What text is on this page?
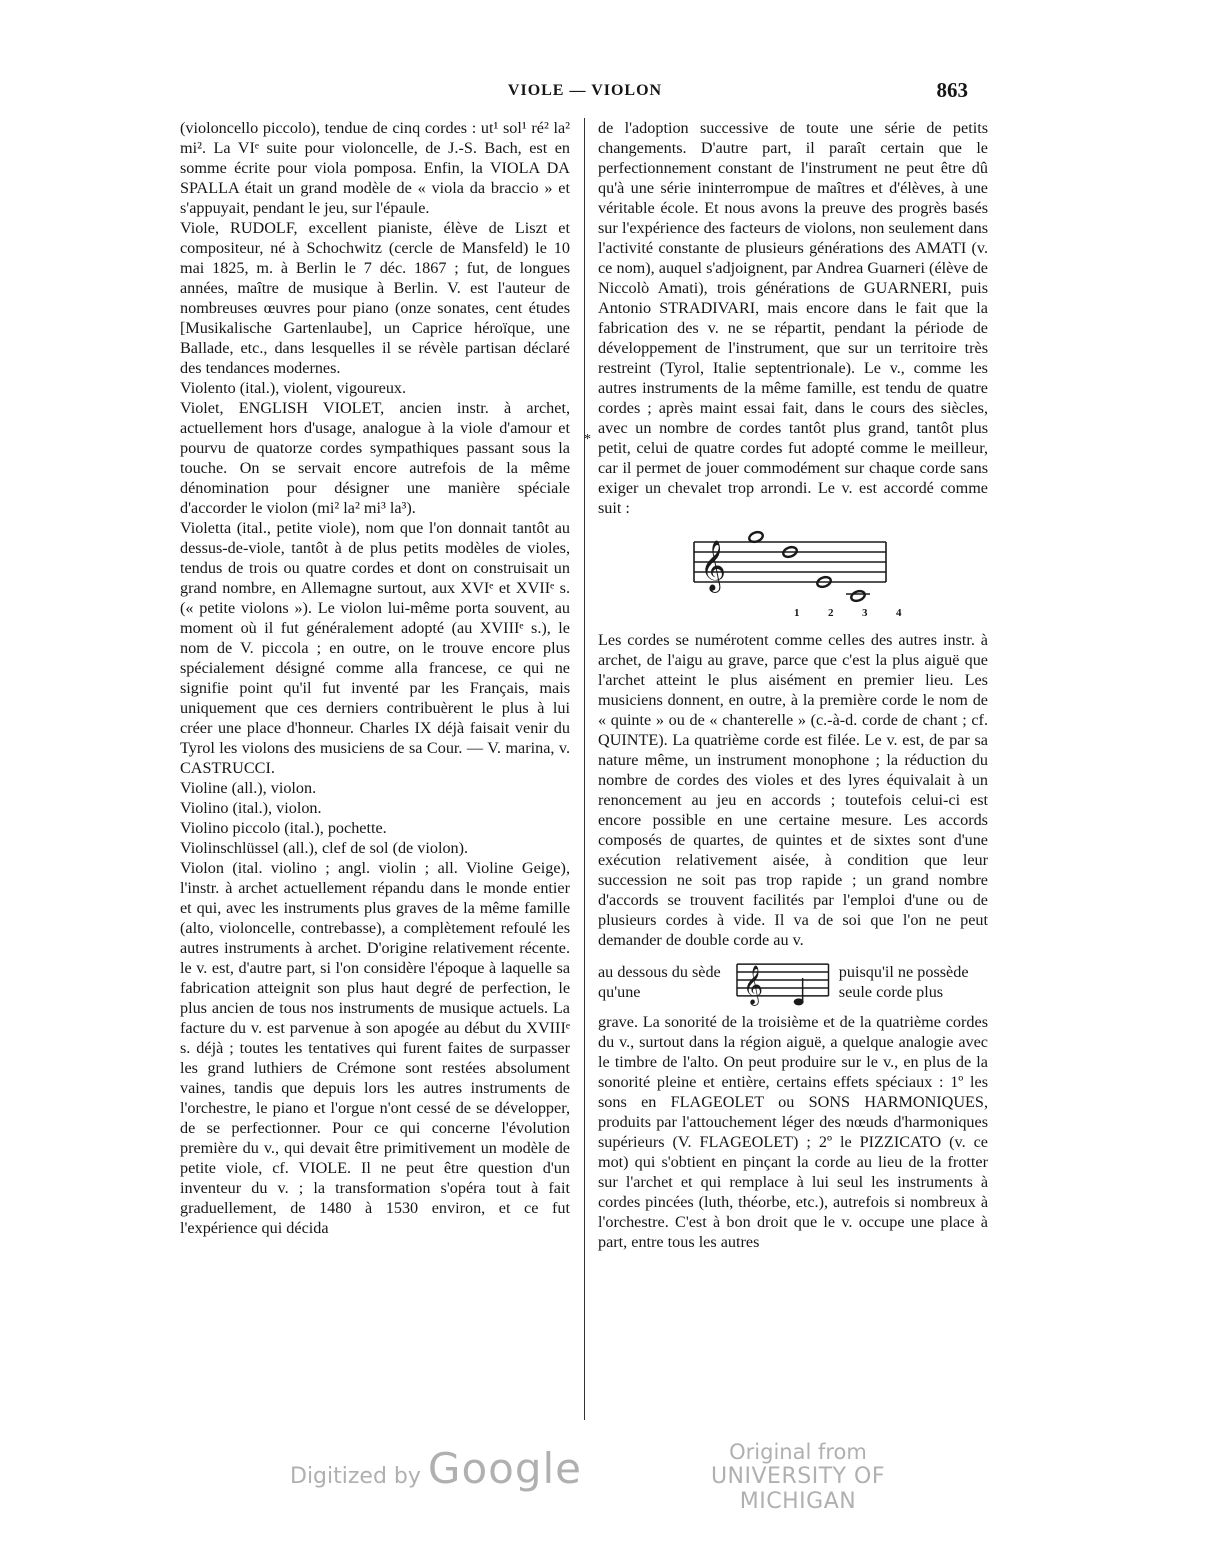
VIOLE — VIOLON	863

(violoncello piccolo), tendue de cinq cordes : ut¹ sol¹ ré² la² mi². La VIᵉ suite pour violoncelle, de J.-S. Bach, est en somme écrite pour viola pomposa. Enfin, la VIOLA DA SPALLA était un grand modèle de « viola da braccio » et s'appuyait, pendant le jeu, sur l'épaule.

Viole, RUDOLF, excellent pianiste, élève de Liszt et compositeur, né à Schochwitz (cercle de Mansfeld) le 10 mai 1825, m. à Berlin le 7 déc. 1867 ; fut, de longues années, maître de musique à Berlin. V. est l'auteur de nombreuses œuvres pour piano (onze sonates, cent études [Musikalische Gartenlaube], un Caprice héroïque, une Ballade, etc., dans lesquelles il se révèle partisan déclaré des tendances modernes.

Violento (ital.), violent, vigoureux.

Violet, ENGLISH VIOLET, ancien instr. à archet, actuellement hors d'usage, analogue à la viole d'amour et pourvu de quatorze cordes sympathiques passant sous la touche. On se servait encore autrefois de la même dénomination pour désigner une manière spéciale d'accorder le violon (mi² la² mi³ la³).

Violetta (ital., petite viole), nom que l'on donnait tantôt au dessus-de-viole, tantôt à de plus petits modèles de violes, tendus de trois ou quatre cordes et dont on construisait un grand nombre, en Allemagne surtout, aux XVIᵉ et XVIIᵉ s. (« petite violons »). Le violon lui-même porta souvent, au moment où il fut généralement adopté (au XVIIIᵉ s.), le nom de V. piccola ; en outre, on le trouve encore plus spécialement désigné comme alla francese, ce qui ne signifie point qu'il fut inventé par les Français, mais uniquement que ces derniers contribuèrent le plus à lui créer une place d'honneur. Charles IX déjà faisait venir du Tyrol les violons des musiciens de sa Cour. — V. marina, v. CASTRUCCI.

Violine (all.), violon.

Violino (ital.), violon.

Violino piccolo (ital.), pochette.

Violinschlüssel (all.), clef de sol (de violon).

Violon (ital. violino ; angl. violin ; all. Violine Geige), l'instr. à archet actuellement répandu dans le monde entier et qui, avec les instruments plus graves de la même famille (alto, violoncelle, contrebasse), a complètement refoulé les autres instruments à archet. D'origine relativement récente. le v. est, d'autre part, si l'on considère l'époque à laquelle sa fabrication atteignit son plus haut degré de perfection, le plus ancien de tous nos instruments de musique actuels. La facture du v. est parvenue à son apogée au début du XVIIIᵉ s. déjà ; toutes les tentatives qui furent faites de surpasser les grand luthiers de Crémone sont restées absolument vaines, tandis que depuis lors les autres instruments de l'orchestre, le piano et l'orgue n'ont cessé de se développer, de se perfectionner. Pour ce qui concerne l'évolution première du v., qui devait être primitivement un modèle de petite viole, cf. VIOLE. Il ne peut être question d'un inventeur du v. ; la transformation s'opéra tout à fait graduellement, de 1480 à 1530 environ, et ce fut l'expérience qui décida

*

de l'adoption successive de toute une série de petits changements. D'autre part, il paraît certain que le perfectionnement constant de l'instrument ne peut être dû qu'à une série ininterrompue de maîtres et d'élèves, à une véritable école. Et nous avons la preuve des progrès basés sur l'expérience des facteurs de violons, non seulement dans l'activité constante de plusieurs générations des AMATI (v. ce nom), auquel s'adjoignent, par Andrea Guarneri (élève de Niccolò Amati), trois générations de GUARNERI, puis Antonio STRADIVARI, mais encore dans le fait que la fabrication des v. ne se répartit, pendant la période de développement de l'instrument, que sur un territoire très restreint (Tyrol, Italie septentrionale). Le v., comme les autres instruments de la même famille, est tendu de quatre cordes ; après maint essai fait, dans le cours des siècles, avec un nombre de cordes tantôt plus grand, tantôt plus petit, celui de quatre cordes fut adopté comme le meilleur, car il permet de jouer commodément sur chaque corde sans exiger un chevalet trop arrondi. Le v. est accordé comme suit :

𝄞
1	2	3	4

Les cordes se numérotent comme celles des autres instr. à archet, de l'aigu au grave, parce que c'est la plus aiguë que l'archet atteint le plus aisément en premier lieu. Les musiciens donnent, en outre, à la première corde le nom de « quinte » ou de « chanterelle » (c.-à-d. corde de chant ; cf. QUINTE). La quatrième corde est filée. Le v. est, de par sa nature même, un instrument monophone ; la réduction du nombre de cordes des violes et des lyres équivalait à un renoncement au jeu en accords ; toutefois celui-ci est encore possible en une certaine mesure. Les accords composés de quartes, de quintes et de sixtes sont d'une exécution relativement aisée, à condition que leur succession ne soit pas trop rapide ; un grand nombre d'accords se trouvent facilités par l'emploi d'une ou de plusieurs cordes à vide. Il va de soi que l'on ne peut demander de double corde au v.

au dessous du sède qu'une	𝄞	puisqu'il ne possède seule corde plus

grave. La sonorité de la troisième et de la quatrième cordes du v., surtout dans la région aiguë, a quelque analogie avec le timbre de l'alto. On peut produire sur le v., en plus de la sonorité pleine et entière, certains effets spéciaux : 1º les sons en FLAGEOLET ou SONS HARMONIQUES, produits par l'attouchement léger des nœuds d'harmoniques supérieurs (V. FLAGEOLET) ; 2º le PIZZICATO (v. ce mot) qui s'obtient en pinçant la corde au lieu de la frotter sur l'archet et qui remplace à lui seul les instruments à cordes pincées (luth, théorbe, etc.), autrefois si nombreux à l'orchestre. C'est à bon droit que le v. occupe une place à part, entre tous les autres

Digitized by Google	Original from
UNIVERSITY OF MICHIGAN
